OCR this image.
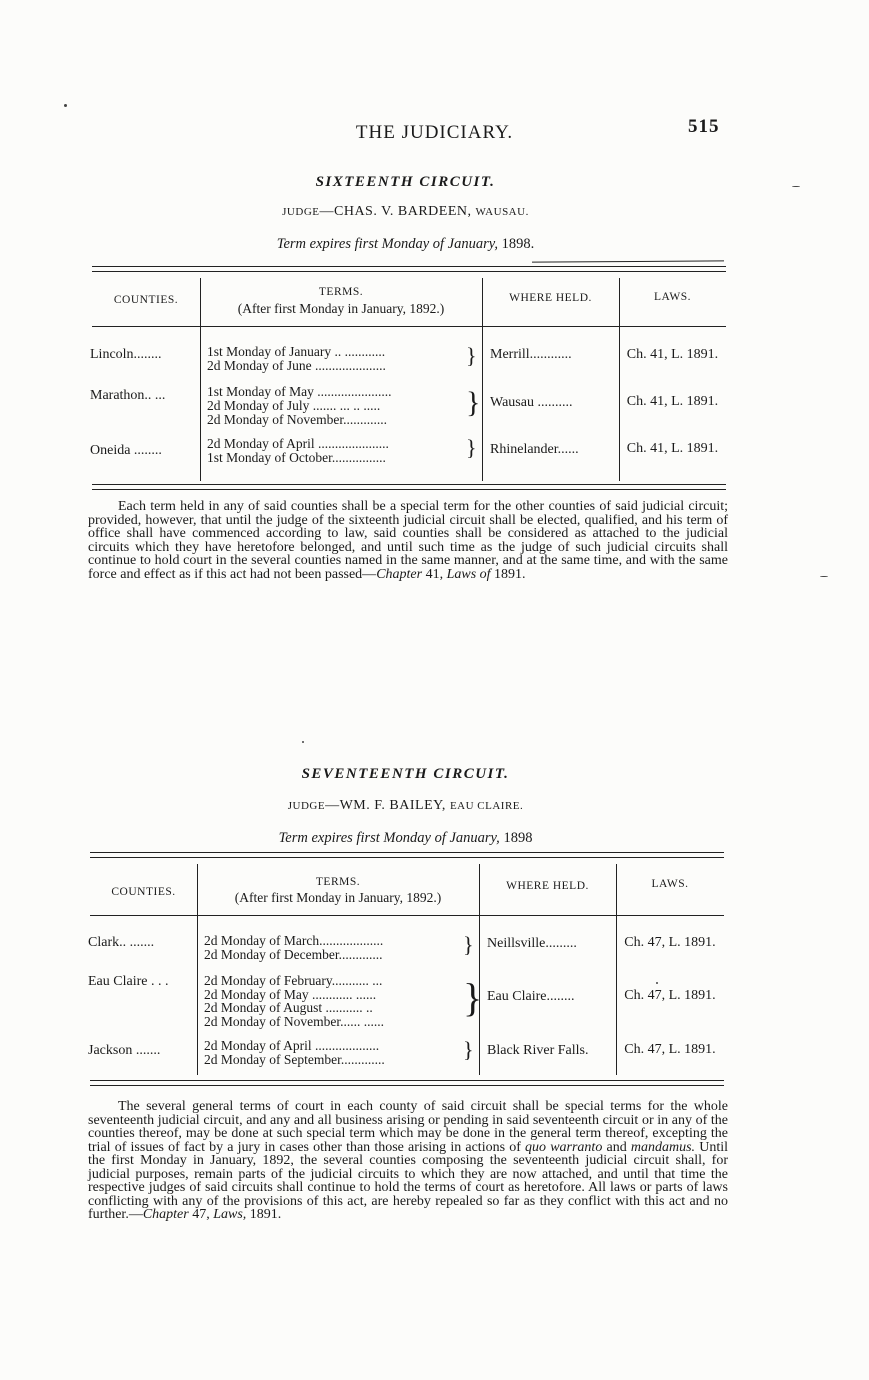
THE JUDICIARY.	515
SIXTEENTH CIRCUIT.
JUDGE—CHAS. V. BARDEEN, WAUSAU.
Term expires first Monday of January, 1898.
COUNTIES.
TERMS.
(After first Monday in January, 1892.)
WHERE HELD.	LAWS.
Lincoln........	1st Monday of January .. ............
2d Monday of June .....................	} Merrill............	Ch. 41, L. 1891.
Marathon.. ...	1st Monday of May ......................
2d Monday of July ....... ... .. .....
2d Monday of November.............
} Wausau ..........	Ch. 41, L. 1891.
Oneida ........	2d Monday of April .....................
1st Monday of October................	} Rhinelander......	Ch. 41, L. 1891.
Each term held in any of said counties shall be a special term for the other counties of said judicial circuit; provided, however, that until the judge of the sixteenth judicial circuit shall be elected, qualified, and his term of office shall have commenced according to law, said counties shall be considered as attached to the judicial circuits which they have heretofore belonged, and until such time as the judge of such judicial circuits shall continue to hold court in the several counties named in the same manner, and at the same time, and with the same force and effect as if this act had not been passed—Chapter 41, Laws of 1891.
SEVENTEENTH CIRCUIT.
JUDGE—WM. F. BAILEY, EAU CLAIRE.
Term expires first Monday of January, 1898
COUNTIES.
TERMS.
(After first Monday in January, 1892.)
WHERE HELD.	LAWS.
Clark.. .......	2d Monday of March...................
2d Monday of December.............	} Neillsville.........	Ch. 47, L. 1891.
Eau Claire . . .	2d Monday of February........... ...
2d Monday of May ............ ......
2d Monday of August ........... ..
2d Monday of November...... ......
} Eau Claire........	Ch. 47, L. 1891.
Jackson .......	2d Monday of April ...................
2d Monday of September.............	} Black River Falls.	Ch. 47, L. 1891.
The several general terms of court in each county of said circuit shall be special terms for the whole seventeenth judicial circuit, and any and all business arising or pending in said seventeenth circuit or in any of the counties thereof, may be done at such special term which may be done in the general term thereof, excepting the trial of issues of fact by a jury in cases other than those arising in actions of quo warranto and mandamus. Until the first Monday in January, 1892, the several counties composing the seventeenth judicial circuit shall, for judicial purposes, remain parts of the judicial circuits to which they are now attached, and until that time the respective judges of said circuits shall continue to hold the terms of court as heretofore. All laws or parts of laws conflicting with any of the provisions of this act, are hereby repealed so far as they conflict with this act and no further.—Chapter 47, Laws, 1891.
